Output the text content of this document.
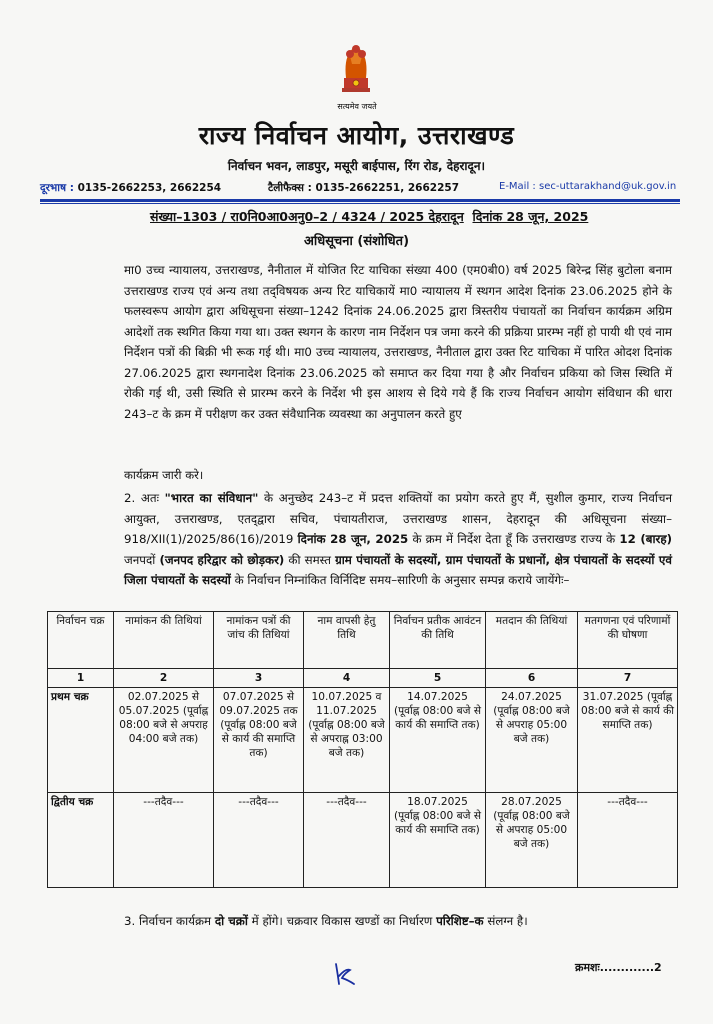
सत्यमेव जयते
राज्य निर्वाचन आयोग, उत्तराखण्ड
निर्वाचन भवन, लाडपुर, मसूरी बाईपास, रिंग रोड, देहरादून।
दूरभाष : 0135-2662253, 2662254	टैलीफैक्स : 0135-2662251, 2662257	E-Mail : sec-uttarakhand@uk.gov.in
संख्या–1303 / रा0नि0आ0अनु0–2 / 4324 / 2025 देहरादून दिनांक 28 जून, 2025
अधिसूचना (संशोधित)
मा0 उच्च न्यायालय, उत्तराखण्ड, नैनीताल में योजित रिट याचिका संख्या 400 (एम0बी0) वर्ष 2025 बिरेन्द्र सिंह बुटोला बनाम उत्तराखण्ड राज्य एवं अन्य तथा तद्‌विषयक अन्य रिट याचिकायें मा0 न्यायालय में स्थगन आदेश दिनांक 23.06.2025 होने के फलस्वरूप आयोग द्वारा अधिसूचना संख्या–1242 दिनांक 24.06.2025 द्वारा त्रिस्तरीय पंचायतों का निर्वाचन कार्यक्रम अग्रिम आदेशों तक स्थगित किया गया था। उक्त स्थगन के कारण नाम निर्देशन पत्र जमा करने की प्रक्रिया प्रारम्भ नहीं हो पायी थी एवं नाम निर्देशन पत्रों की बिक्री भी रूक गई थी। मा0 उच्च न्यायालय, उत्तराखण्ड, नैनीताल द्वारा उक्त रिट याचिका में पारित ओदश दिनांक 27.06.2025 द्वारा स्थगनादेश दिनांक 23.06.2025 को समाप्त कर दिया गया है और निर्वाचन प्रकिया को जिस स्थिति में रोकी गई थी, उसी स्थिति से प्रारम्भ करने के निर्देश भी इस आशय से दिये गये हैं कि राज्य निर्वाचन आयोग संविधान की धारा 243–ट के क्रम में परीक्षण कर उक्त संवैधानिक व्यवस्था का अनुपालन करते हुए
कार्यक्रम जारी करे।
2. अतः "भारत का संविधान" के अनुच्छेद 243–ट में प्रदत्त शक्तियों का प्रयोग करते हुए मैं, सुशील कुमार, राज्य निर्वाचन आयुक्त, उत्तराखण्ड, एतद्‌द्वारा सचिव, पंचायतीराज, उत्तराखण्ड शासन, देहरादून की अधिसूचना संख्या–918/XII(1)/2025/86(16)/2019 दिनांक 28 जून, 2025 के क्रम में निर्देश देता हूँ कि उत्तराखण्ड राज्य के 12 (बारह) जनपदों (जनपद हरिद्वार को छोड़कर) की समस्त ग्राम पंचायतों के सदस्यों, ग्राम पंचायतों के प्रधानों, क्षेत्र पंचायतों के सदस्यों एवं जिला पंचायतों के सदस्यों के निर्वाचन निम्नांकित विर्निदिष्ट समय–सारिणी के अनुसार सम्पन्न कराये जायेंगेः–
निर्वाचन चक्र	नामांकन की तिथियां	नामांकन पत्रों की जांच की तिथियां	नाम वापसी हेतु तिथि	निर्वाचन प्रतीक आवंटन की तिथि	मतदान की तिथियां	मतगणना एवं परिणामों की घोषणा
1	2	3	4	5	6	7
प्रथम चक्र	02.07.2025 से 05.07.2025 (पूर्वाह्न 08:00 बजे से अपराह 04:00 बजे तक)	07.07.2025 से 09.07.2025 तक (पूर्वाह्न 08:00 बजे से कार्य की समाप्ति तक)	10.07.2025 व 11.07.2025 (पूर्वाह्न 08:00 बजे से अपराह्न 03:00 बजे तक)	14.07.2025 (पूर्वाह्न 08:00 बजे से कार्य की समाप्ति तक)	24.07.2025 (पूर्वाह्न 08:00 बजे से अपराह 05:00 बजे तक)	31.07.2025 (पूर्वाह्न 08:00 बजे से कार्य की समाप्ति तक)
द्वितीय चक्र	---तदैव---	---तदैव---	---तदैव---	18.07.2025 (पूर्वाह्न 08:00 बजे से कार्य की समाप्ति तक)	28.07.2025 (पूर्वाह्न 08:00 बजे से अपराह 05:00 बजे तक)	---तदैव---
3. निर्वाचन कार्यक्रम दो चक्रों में होंगे। चक्रवार विकास खण्डों का निर्धारण परिशिष्ट–क संलग्न है।
क्रमशः.............2
